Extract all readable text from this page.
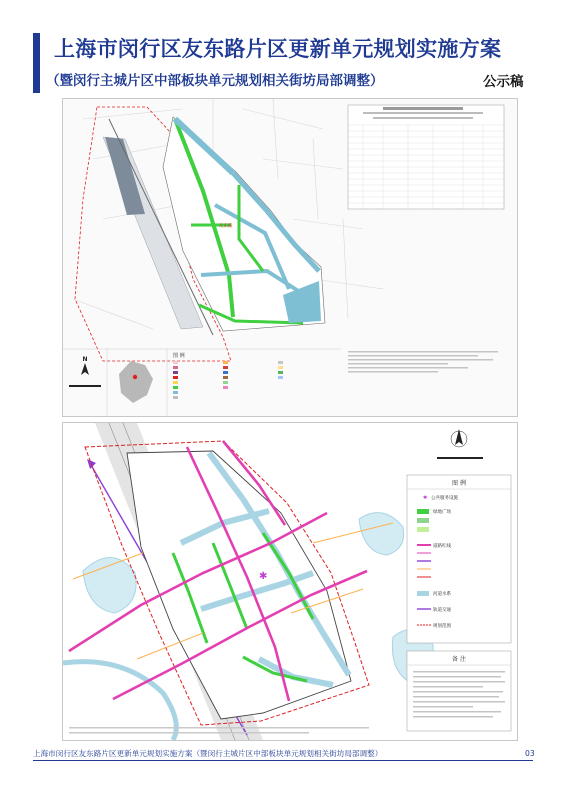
上海市闵行区友东路片区更新单元规划实施方案
（暨闵行主城片区中部板块单元规划相关街坊局部调整）	公示稿
友东路
N	图 例
✱
图 例
✱ 公共服务设施
绿地广场
道路红线
河道水系
轨道交通
规划范围
备 注
上海市闵行区友东路片区更新单元规划实施方案（暨闵行主城片区中部板块单元规划相关街坊局部调整）	03
